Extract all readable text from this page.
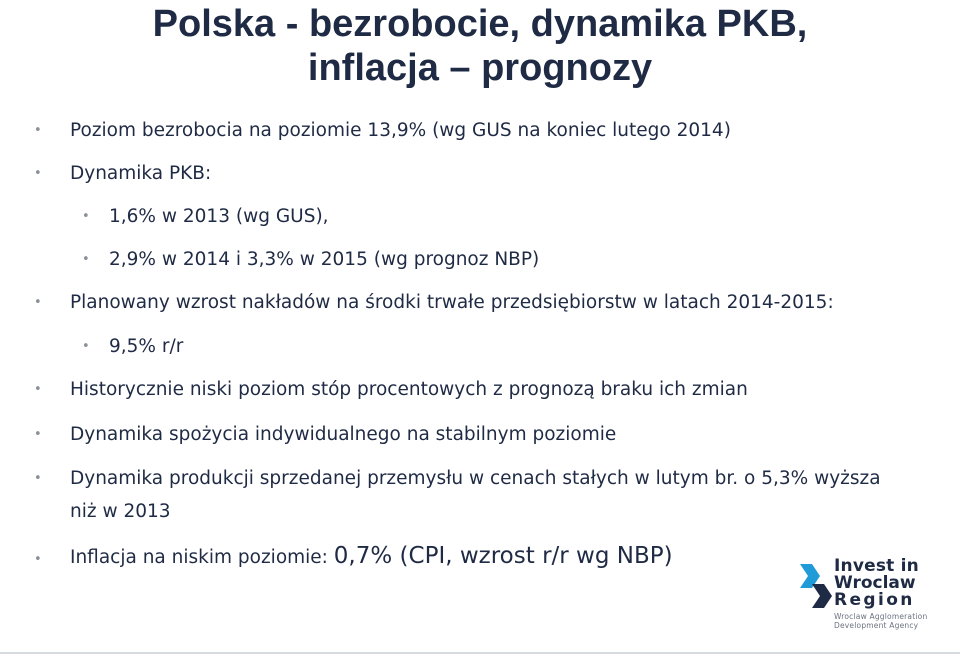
Polska - bezrobocie, dynamika PKB,
inflacja – prognozy
• Poziom bezrobocia na poziomie 13,9% (wg GUS na koniec lutego 2014)
• Dynamika PKB:
• 1,6% w 2013 (wg GUS),
• 2,9% w 2014 i 3,3% w 2015 (wg prognoz NBP)
• Planowany wzrost nakładów na środki trwałe przedsiębiorstw w latach 2014-2015:
• 9,5% r/r
• Historycznie niski poziom stóp procentowych z prognozą braku ich zmian
• Dynamika spożycia indywidualnego na stabilnym poziomie
• Dynamika produkcji sprzedanej przemysłu w cenach stałych w lutym br. o 5,3% wyższa
niż w 2013
• Inflacja na niskim poziomie: 0,7% (CPI, wzrost r/r wg NBP)	Invest in
Wroclaw
Region
Wroclaw Agglomeration
Development Agency
